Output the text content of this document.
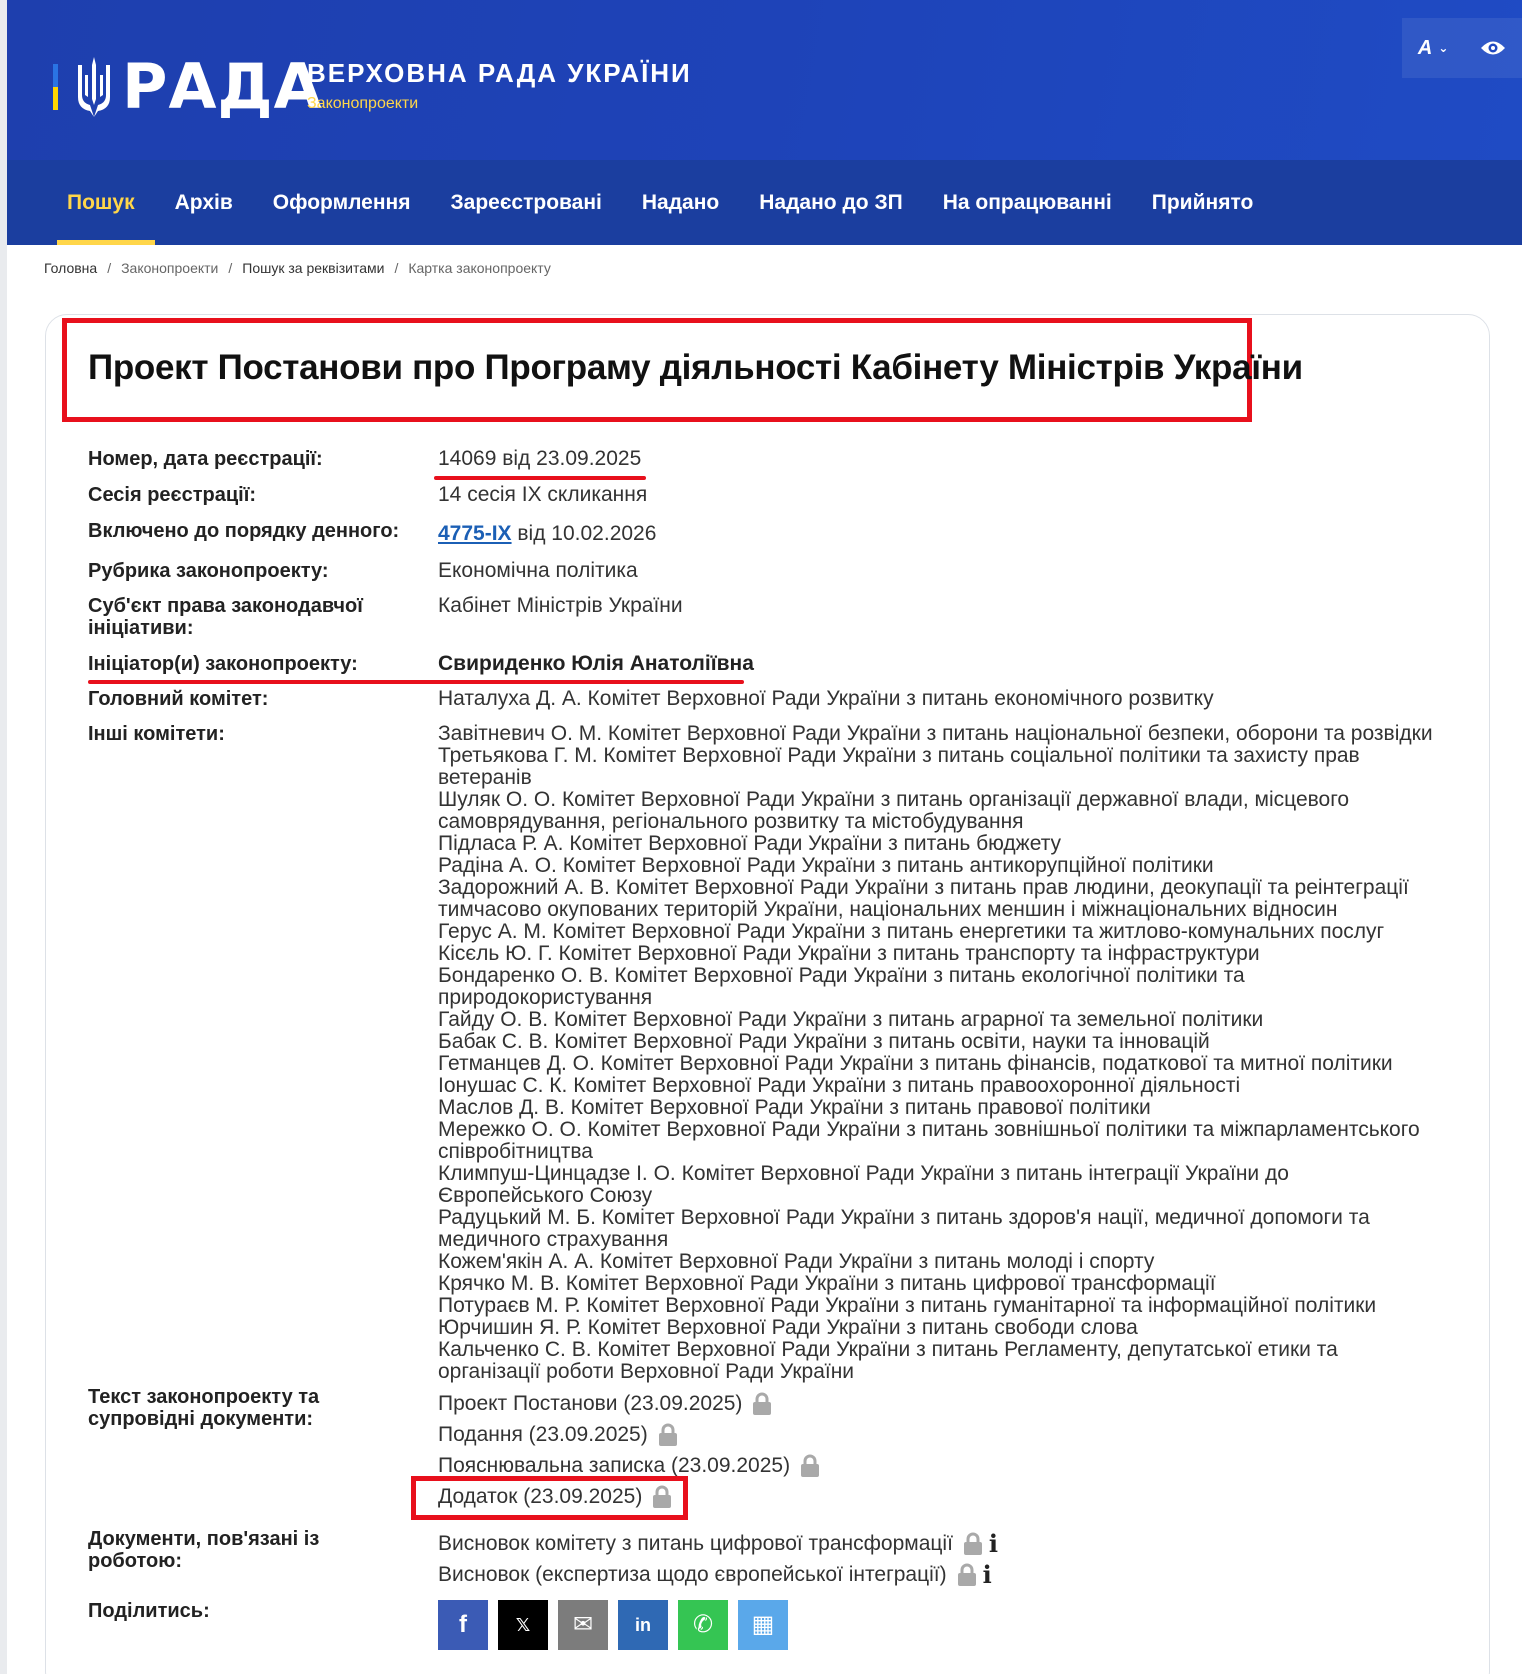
РАДА
ВЕРХОВНА РАДА УКРАЇНИ
Законопроекти
A ⌄
Пошук	Архів	Оформлення	Зареєстровані	Надано	Надано до ЗП	На опрацюванні	Прийнято
Головна / Законопроекти / Пошук за реквізитами / Картка законопроекту
Проект Постанови про Програму діяльності Кабінету Міністрів України
Номер, дата реєстрації:	14069 від 23.09.2025
Сесія реєстрації:	14 сесія IX скликання
Включено до порядку денного:	4775-IX від 10.02.2026
Рубрика законопроекту:	Економічна політика
Суб'єкт права законодавчої ініціативи:
Кабінет Міністрів України
Ініціатор(и) законопроекту:	Свириденко Юлія Анатоліївна
Головний комітет:	Наталуха Д. А. Комітет Верховної Ради України з питань економічного розвитку
Інші комітети:	Завітневич О. М. Комітет Верховної Ради України з питань національної безпеки, оборони та розвідки
Третьякова Г. М. Комітет Верховної Ради України з питань соціальної політики та захисту прав ветеранів
Шуляк О. О. Комітет Верховної Ради України з питань організації державної влади, місцевого самоврядування, регіонального розвитку та містобудування
Підласа Р. А. Комітет Верховної Ради України з питань бюджету
Радіна А. О. Комітет Верховної Ради України з питань антикорупційної політики
Задорожний А. В. Комітет Верховної Ради України з питань прав людини, деокупації та реінтеграції тимчасово окупованих територій України, національних меншин і міжнаціональних відносин
Герус А. М. Комітет Верховної Ради України з питань енергетики та житлово-комунальних послуг
Кісєль Ю. Г. Комітет Верховної Ради України з питань транспорту та інфраструктури
Бондаренко О. В. Комітет Верховної Ради України з питань екологічної політики та природокористування
Гайду О. В. Комітет Верховної Ради України з питань аграрної та земельної політики
Бабак С. В. Комітет Верховної Ради України з питань освіти, науки та інновацій
Гетманцев Д. О. Комітет Верховної Ради України з питань фінансів, податкової та митної політики
Іонушас С. К. Комітет Верховної Ради України з питань правоохоронної діяльності
Маслов Д. В. Комітет Верховної Ради України з питань правової політики
Мережко О. О. Комітет Верховної Ради України з питань зовнішньої політики та міжпарламентського співробітництва
Климпуш-Цинцадзе І. О. Комітет Верховної Ради України з питань інтеграції України до Європейського Союзу
Радуцький М. Б. Комітет Верховної Ради України з питань здоров'я нації, медичної допомоги та медичного страхування
Кожем'якін А. А. Комітет Верховної Ради України з питань молоді і спорту
Крячко М. В. Комітет Верховної Ради України з питань цифрової трансформації
Потураєв М. Р. Комітет Верховної Ради України з питань гуманітарної та інформаційної політики
Юрчишин Я. Р. Комітет Верховної Ради України з питань свободи слова
Кальченко С. В. Комітет Верховної Ради України з питань Регламенту, депутатської етики та організації роботи Верховної Ради України
Текст законопроекту та супровідні документи:
Проект Постанови (23.09.2025)
Подання (23.09.2025)
Пояснювальна записка (23.09.2025)
Додаток (23.09.2025)
Документи, пов'язані із роботою:
Висновок комітету з питань цифрової трансформації i
Висновок (експертиза щодо європейської інтеграції) i
Поділитись:	f	𝕏 ✉ in ✆ ▦
